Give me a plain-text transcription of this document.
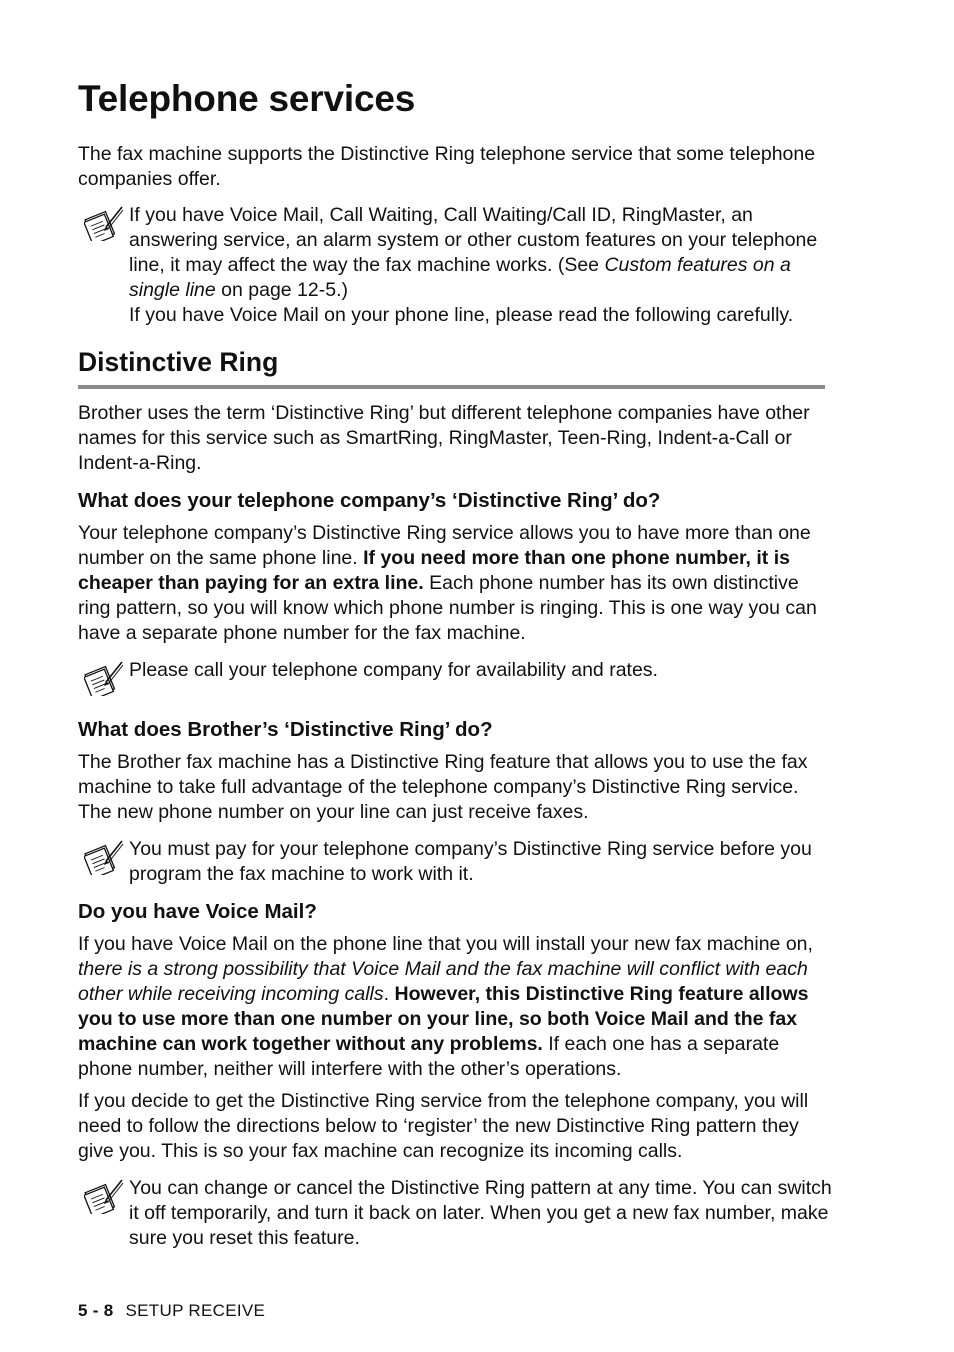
Telephone services

The fax machine supports the Distinctive Ring telephone service that some telephone companies offer.

If you have Voice Mail, Call Waiting, Call Waiting/Call ID, RingMaster, an answering service, an alarm system or other custom features on your telephone line, it may affect the way the fax machine works. (See Custom features on a single line on page 12-5.)

If you have Voice Mail on your phone line, please read the following carefully.

Distinctive Ring

Brother uses the term ‘Distinctive Ring’ but different telephone companies have other names for this service such as SmartRing, RingMaster, Teen-Ring, Indent-a-Call or Indent-a-Ring.

What does your telephone company’s ‘Distinctive Ring’ do?

Your telephone company’s Distinctive Ring service allows you to have more than one number on the same phone line. If you need more than one phone number, it is cheaper than paying for an extra line. Each phone number has its own distinctive ring pattern, so you will know which phone number is ringing. This is one way you can have a separate phone number for the fax machine.

Please call your telephone company for availability and rates.

What does Brother’s ‘Distinctive Ring’ do?

The Brother fax machine has a Distinctive Ring feature that allows you to use the fax machine to take full advantage of the telephone company’s Distinctive Ring service. The new phone number on your line can just receive faxes.

You must pay for your telephone company’s Distinctive Ring service before you program the fax machine to work with it.

Do you have Voice Mail?

If you have Voice Mail on the phone line that you will install your new fax machine on, there is a strong possibility that Voice Mail and the fax machine will conflict with each other while receiving incoming calls. However, this Distinctive Ring feature allows you to use more than one number on your line, so both Voice Mail and the fax machine can work together without any problems. If each one has a separate phone number, neither will interfere with the other’s operations.

If you decide to get the Distinctive Ring service from the telephone company, you will need to follow the directions below to ‘register’ the new Distinctive Ring pattern they give you. This is so your fax machine can recognize its incoming calls.

You can change or cancel the Distinctive Ring pattern at any time. You can switch it off temporarily, and turn it back on later. When you get a new fax number, make sure you reset this feature.

5 - 8 SETUP RECEIVE
